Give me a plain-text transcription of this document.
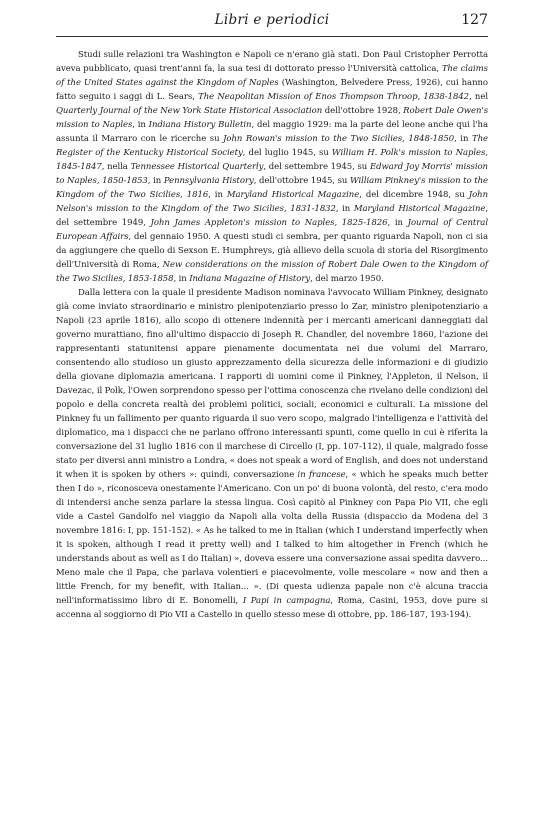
Libri e periodici	127

Studi sulle relazioni tra Washington e Napoli ce n'erano già stati. Don Paul Cristopher Perrotta aveva pubblicato, quasi trent'anni fa, la sua tesi di dottorato presso l'Università cattolica, The claims of the United States against the Kingdom of Naples (Washington, Belvedere Press, 1926), cui hanno fatto seguito i saggi di L. Sears, The Neapolitan Mission of Enos Thompson Throop, 1838-1842, nel Quarterly Journal of the New York State Historical Association dell'ottobre 1928, Robert Dale Owen's mission to Naples, in Indiana History Bulletin, del maggio 1929: ma la parte del leone anche qui l'ha assunta il Marraro con le ricerche su John Rowan's mission to the Two Sicilies, 1848-1850, in The Register of the Kentucky Historical Society, del luglio 1945, su William H. Polk's mission to Naples, 1845-1847, nella Tennessee Historical Quarterly, del settembre 1945, su Edward Joy Morris' mission to Naples, 1850-1853, in Pennsylvania History, dell'ottobre 1945, su William Pinkney's mission to the Kingdom of the Two Sicilies, 1816, in Maryland Historical Magazine, del dicembre 1948, su John Nelson's mission to the Kingdom of the Two Sicilies, 1831-1832, in Maryland Historical Magazine, del settembre 1949, John James Appleton's mission to Naples, 1825-1826, in Journal of Central European Affairs, del gennaio 1950. A questi studi ci sembra, per quanto riguarda Napoli, non ci sia da aggiungere che quello di Sexson E. Humphreys, già allievo della scuola di storia del Risorgimento dell'Università di Roma, New considerations on the mission of Robert Dale Owen to the Kingdom of the Two Sicilies, 1853-1858, in Indiana Magazine of History, del marzo 1950.

Dalla lettera con la quale il presidente Madison nominava l'avvocato William Pinkney, designato già come inviato straordinario e ministro plenipotenziario presso lo Zar, ministro plenipotenziario a Napoli (23 aprile 1816), allo scopo di ottenere indennità per i mercanti americani danneggiati dal governo murattiano, fino all'ultimo dispaccio di Joseph R. Chandler, del novembre 1860, l'azione dei rappresentanti statunitensi appare pienamente documentata nei due volumi del Marraro, consentendo allo studioso un giusto apprezzamento della sicurezza delle informazioni e di giudizio della giovane diplomazia americana. I rapporti di uomini come il Pinkney, l'Appleton, il Nelson, il Davezac, il Polk, l'Owen sorprendono spesso per l'ottima conoscenza che rivelano delle condizioni del popolo e della concreta realtà dei problemi politici, sociali, economici e culturali. La missione del Pinkney fu un fallimento per quanto riguarda il suo vero scopo, malgrado l'intelligenza e l'attività del diplomatico, ma i dispacci che ne parlano offrono interessanti spunti, come quello in cui è riferita la conversazione del 31 luglio 1816 con il marchese di Circello (I, pp. 107-112), il quale, malgrado fosse stato per diversi anni ministro a Londra, « does not speak a word of English, and does not understand it when it is spoken by others »: quindi, conversazione in francese, « which he speaks much better then I do », riconosceva onestamente l'Americano. Con un po' di buona volontà, del resto, c'era modo di intendersi anche senza parlare la stessa lingua. Così capitò al Pinkney con Papa Pio VII, che egli vide a Castel Gandolfo nel viaggio da Napoli alla volta della Russia (dispaccio da Modena del 3 novembre 1816: I, pp. 151-152). « As he talked to me in Italian (which I understand imperfectly when it is spoken, although I read it pretty well) and I talked to him altogether in French (which he understands about as well as I do Italian) », doveva essere una conversazione assai spedita davvero... Meno male che il Papa, che parlava volentieri e piacevolmente, volle mescolare « now and then a little French, for my benefit, with Italian... ». (Di questa udienza papale non c'è alcuna traccia nell'informatissimo libro di E. Bonomelli, I Papi in campagna, Roma, Casini, 1953, dove pure si accenna al soggiorno di Pio VII a Castello in quello stesso mese di ottobre, pp. 186-187, 193-194).
